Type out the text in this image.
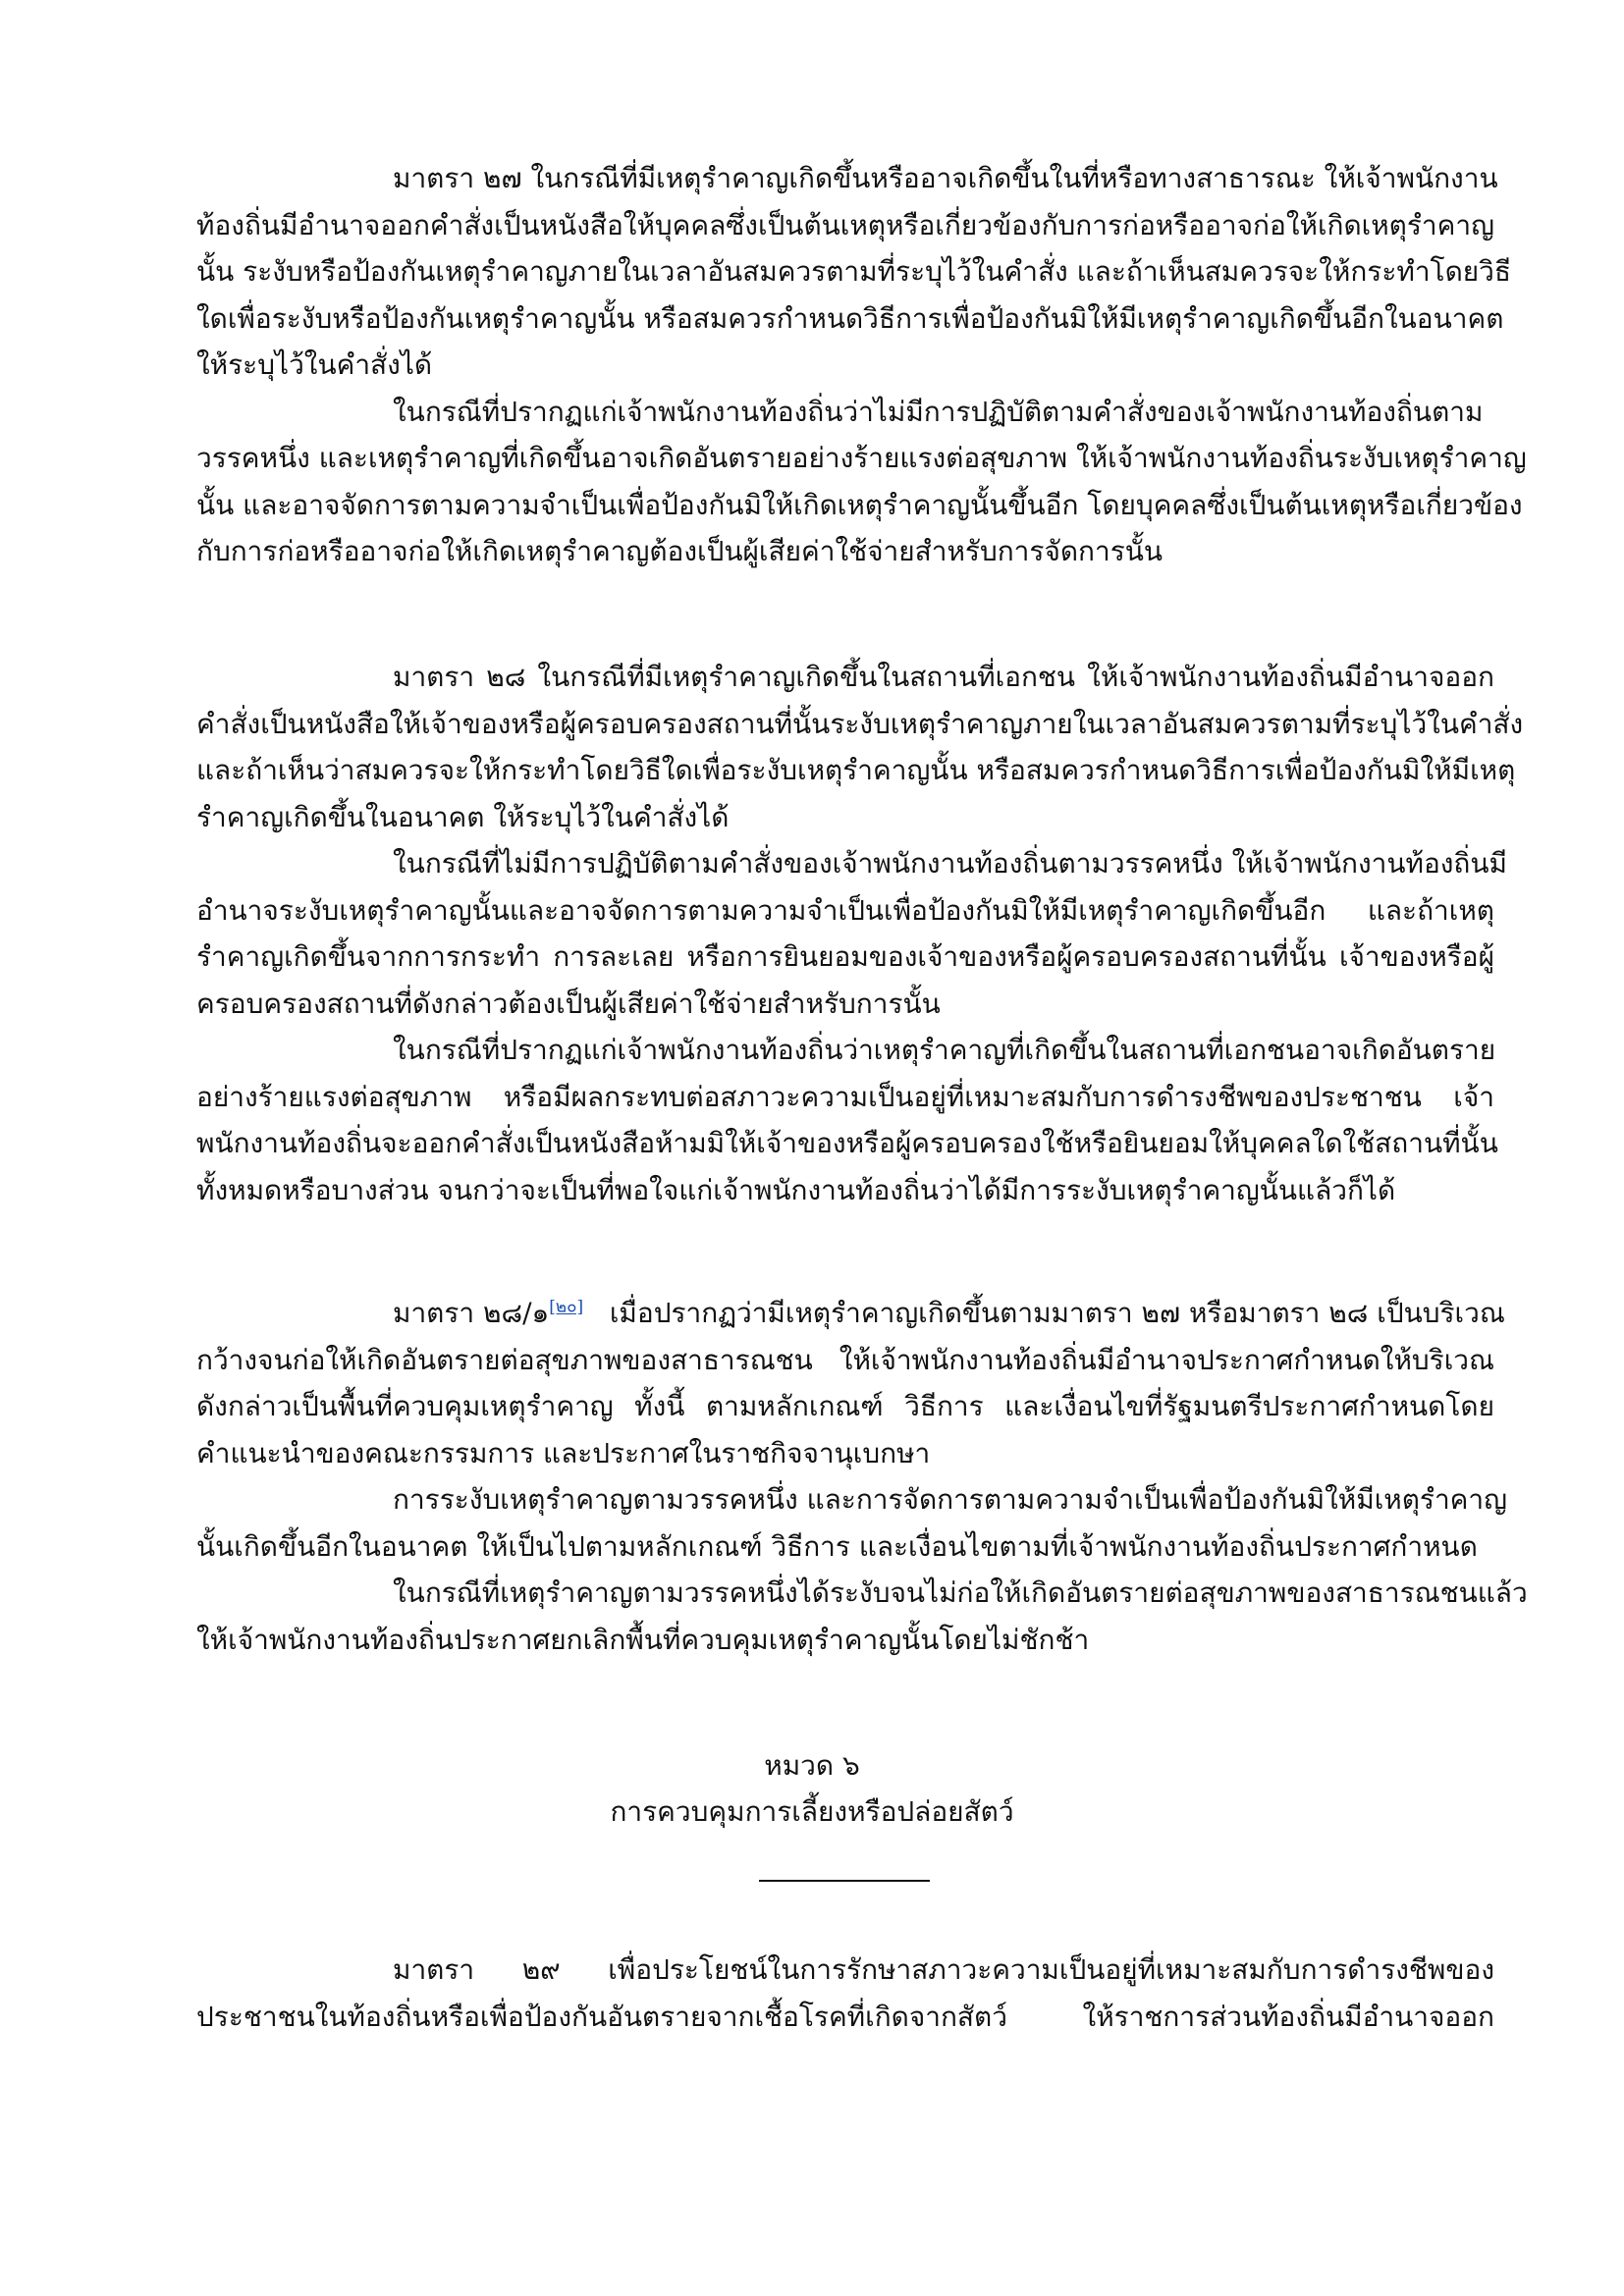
มาตรา ๒๗ ในกรณีที่มีเหตุรำคาญเกิดขึ้นหรืออาจเกิดขึ้นในที่หรือทางสาธารณะ ให้เจ้าพนักงาน
ท้องถิ่นมีอำนาจออกคำสั่งเป็นหนังสือให้บุคคลซึ่งเป็นต้นเหตุหรือเกี่ยวข้องกับการก่อหรืออาจก่อให้เกิดเหตุรำคาญ
นั้น ระงับหรือป้องกันเหตุรำคาญภายในเวลาอันสมควรตามที่ระบุไว้ในคำสั่ง และถ้าเห็นสมควรจะให้กระทำโดยวิธี
ใดเพื่อระงับหรือป้องกันเหตุรำคาญนั้น หรือสมควรกำหนดวิธีการเพื่อป้องกันมิให้มีเหตุรำคาญเกิดขึ้นอีกในอนาคต
ให้ระบุไว้ในคำสั่งได้
ในกรณีที่ปรากฏแก่เจ้าพนักงานท้องถิ่นว่าไม่มีการปฏิบัติตามคำสั่งของเจ้าพนักงานท้องถิ่นตาม
วรรคหนึ่ง และเหตุรำคาญที่เกิดขึ้นอาจเกิดอันตรายอย่างร้ายแรงต่อสุขภาพ ให้เจ้าพนักงานท้องถิ่นระงับเหตุรำคาญ
นั้น และอาจจัดการตามความจำเป็นเพื่อป้องกันมิให้เกิดเหตุรำคาญนั้นขึ้นอีก โดยบุคคลซึ่งเป็นต้นเหตุหรือเกี่ยวข้อง
กับการก่อหรืออาจก่อให้เกิดเหตุรำคาญต้องเป็นผู้เสียค่าใช้จ่ายสำหรับการจัดการนั้น
มาตรา ๒๘ ในกรณีที่มีเหตุรำคาญเกิดขึ้นในสถานที่เอกชน ให้เจ้าพนักงานท้องถิ่นมีอำนาจออก
คำสั่งเป็นหนังสือให้เจ้าของหรือผู้ครอบครองสถานที่นั้นระงับเหตุรำคาญภายในเวลาอันสมควรตามที่ระบุไว้ในคำสั่ง
และถ้าเห็นว่าสมควรจะให้กระทำโดยวิธีใดเพื่อระงับเหตุรำคาญนั้น หรือสมควรกำหนดวิธีการเพื่อป้องกันมิให้มีเหตุ
รำคาญเกิดขึ้นในอนาคต ให้ระบุไว้ในคำสั่งได้
ในกรณีที่ไม่มีการปฏิบัติตามคำสั่งของเจ้าพนักงานท้องถิ่นตามวรรคหนึ่ง ให้เจ้าพนักงานท้องถิ่นมี
อำนาจระงับเหตุรำคาญนั้นและอาจจัดการตามความจำเป็นเพื่อป้องกันมิให้มีเหตุรำคาญเกิดขึ้นอีก และถ้าเหตุ
รำคาญเกิดขึ้นจากการกระทำ การละเลย หรือการยินยอมของเจ้าของหรือผู้ครอบครองสถานที่นั้น เจ้าของหรือผู้
ครอบครองสถานที่ดังกล่าวต้องเป็นผู้เสียค่าใช้จ่ายสำหรับการนั้น
ในกรณีที่ปรากฏแก่เจ้าพนักงานท้องถิ่นว่าเหตุรำคาญที่เกิดขึ้นในสถานที่เอกชนอาจเกิดอันตราย
อย่างร้ายแรงต่อสุขภาพ หรือมีผลกระทบต่อสภาวะความเป็นอยู่ที่เหมาะสมกับการดำรงชีพของประชาชน เจ้า
พนักงานท้องถิ่นจะออกคำสั่งเป็นหนังสือห้ามมิให้เจ้าของหรือผู้ครอบครองใช้หรือยินยอมให้บุคคลใดใช้สถานที่นั้น
ทั้งหมดหรือบางส่วน จนกว่าจะเป็นที่พอใจแก่เจ้าพนักงานท้องถิ่นว่าได้มีการระงับเหตุรำคาญนั้นแล้วก็ได้
มาตรา ๒๘/๑[๒๐] เมื่อปรากฏว่ามีเหตุรำคาญเกิดขึ้นตามมาตรา ๒๗ หรือมาตรา ๒๘ เป็นบริเวณ
กว้างจนก่อให้เกิดอันตรายต่อสุขภาพของสาธารณชน ให้เจ้าพนักงานท้องถิ่นมีอำนาจประกาศกำหนดให้บริเวณ
ดังกล่าวเป็นพื้นที่ควบคุมเหตุรำคาญ ทั้งนี้ ตามหลักเกณฑ์ วิธีการ และเงื่อนไขที่รัฐมนตรีประกาศกำหนดโดย
คำแนะนำของคณะกรรมการ และประกาศในราชกิจจานุเบกษา
การระงับเหตุรำคาญตามวรรคหนึ่ง และการจัดการตามความจำเป็นเพื่อป้องกันมิให้มีเหตุรำคาญ
นั้นเกิดขึ้นอีกในอนาคต ให้เป็นไปตามหลักเกณฑ์ วิธีการ และเงื่อนไขตามที่เจ้าพนักงานท้องถิ่นประกาศกำหนด
ในกรณีที่เหตุรำคาญตามวรรคหนึ่งได้ระงับจนไม่ก่อให้เกิดอันตรายต่อสุขภาพของสาธารณชนแล้ว
ให้เจ้าพนักงานท้องถิ่นประกาศยกเลิกพื้นที่ควบคุมเหตุรำคาญนั้นโดยไม่ชักช้า
หมวด ๖
การควบคุมการเลี้ยงหรือปล่อยสัตว์
มาตรา ๒๙ เพื่อประโยชน์ในการรักษาสภาวะความเป็นอยู่ที่เหมาะสมกับการดำรงชีพของ
ประชาชนในท้องถิ่นหรือเพื่อป้องกันอันตรายจากเชื้อโรคที่เกิดจากสัตว์ ให้ราชการส่วนท้องถิ่นมีอำนาจออก
